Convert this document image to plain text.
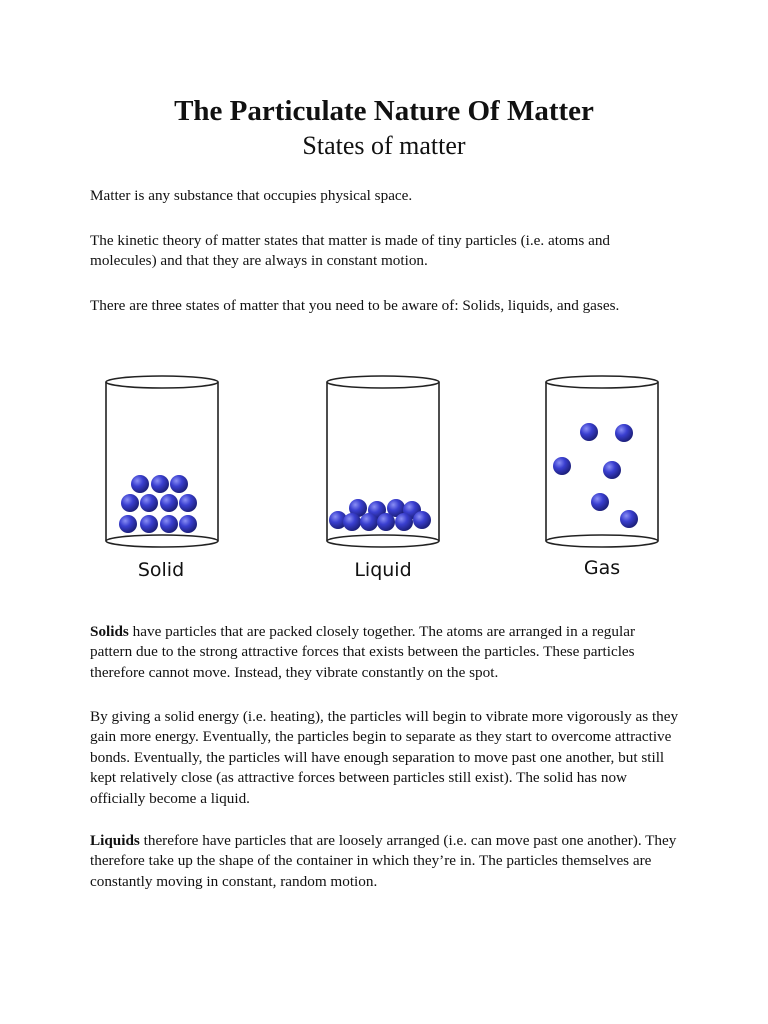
The Particulate Nature Of Matter
States of matter

Matter is any substance that occupies physical space.

The kinetic theory of matter states that matter is made of tiny particles (i.e. atoms and molecules) and that they are always in constant motion.

There are three states of matter that you need to be aware of: Solids, liquids, and gases.

Solid	Liquid	Gas

Solids have particles that are packed closely together. The atoms are arranged in a regular pattern due to the strong attractive forces that exists between the particles. These particles therefore cannot move. Instead, they vibrate constantly on the spot.

By giving a solid energy (i.e. heating), the particles will begin to vibrate more vigorously as they gain more energy. Eventually, the particles begin to separate as they start to overcome attractive bonds. Eventually, the particles will have enough separation to move past one another, but still kept relatively close (as attractive forces between particles still exist). The solid has now officially become a liquid.

Liquids therefore have particles that are loosely arranged (i.e. can move past one another). They therefore take up the shape of the container in which they’re in. The particles themselves are constantly moving in constant, random motion.
